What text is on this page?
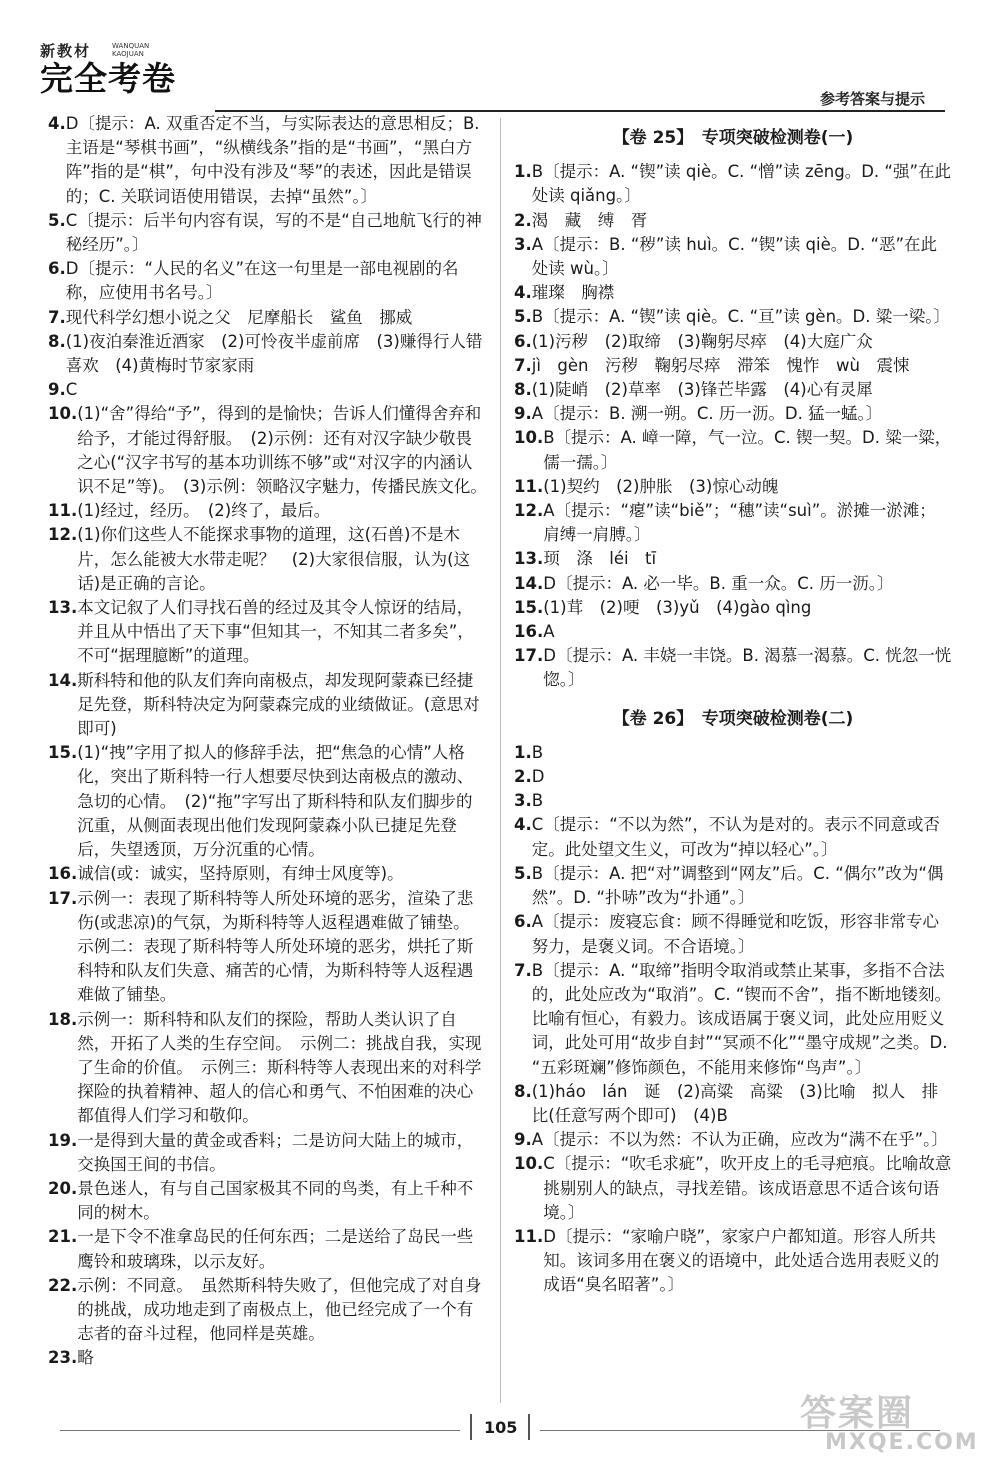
新教材	WANQUAN
KAOJUAN
完全考卷
参考答案与提示
4. D〔提示：A. 双重否定不当，与实际表达的意思相反；B. 主语是“琴棋书画”，“纵横线条”指的是“书画”，“黑白方阵”指的是“棋”，句中没有涉及“琴”的表述，因此是错误的；C. 关联词语使用错误，去掉“虽然”。〕
5. C〔提示：后半句内容有误，写的不是“自己地航飞行的神秘经历”。〕
6. D〔提示：“人民的名义”在这一句里是一部电视剧的名称，应使用书名号。〕
7. 现代科学幻想小说之父　尼摩船长　鲨鱼　挪威
8. (1)夜泊秦淮近酒家　(2)可怜夜半虚前席　(3)赚得行人错喜欢　(4)黄梅时节家家雨
9. C
10. (1)“舍”得给“予”，得到的是愉快；告诉人们懂得舍弃和给予，才能过得舒服。　(2)示例：还有对汉字缺少敬畏之心(“汉字书写的基本功训练不够”或“对汉字的内涵认识不足”等)。　(3)示例：领略汉字魅力，传播民族文化。
11. (1)经过，经历。　(2)终了，最后。
12. (1)你们这些人不能探求事物的道理，这(石兽)不是木片，怎么能被大水带走呢？　(2)大家很信服，认为(这话)是正确的言论。
13. 本文记叙了人们寻找石兽的经过及其令人惊讶的结局，并且从中悟出了天下事“但知其一，不知其二者多矣”，不可“据理臆断”的道理。
14. 斯科特和他的队友们奔向南极点，却发现阿蒙森已经捷足先登，斯科特决定为阿蒙森完成的业绩做证。(意思对即可)
15. (1)“拽”字用了拟人的修辞手法，把“焦急的心情”人格化，突出了斯科特一行人想要尽快到达南极点的激动、急切的心情。　(2)“拖”字写出了斯科特和队友们脚步的沉重，从侧面表现出他们发现阿蒙森小队已捷足先登后，失望透顶，万分沉重的心情。
16. 诚信(或：诚实，坚持原则，有绅士风度等)。
17. 示例一：表现了斯科特等人所处环境的恶劣，渲染了悲伤(或悲凉)的气氛，为斯科特等人返程遇难做了铺垫。　示例二：表现了斯科特等人所处环境的恶劣，烘托了斯科特和队友们失意、痛苦的心情，为斯科特等人返程遇难做了铺垫。
18. 示例一：斯科特和队友们的探险，帮助人类认识了自然，开拓了人类的生存空间。　示例二：挑战自我，实现了生命的价值。　示例三：斯科特等人表现出来的对科学探险的执着精神、超人的信心和勇气、不怕困难的决心都值得人们学习和敬仰。
19. 一是得到大量的黄金或香料；二是访问大陆上的城市，交换国王间的书信。
20. 景色迷人，有与自己国家极其不同的鸟类，有上千种不同的树木。
21. 一是下令不准拿岛民的任何东西；二是送给了岛民一些鹰铃和玻璃珠，以示友好。
22. 示例：不同意。　虽然斯科特失败了，但他完成了对自身的挑战，成功地走到了南极点上，他已经完成了一个有志者的奋斗过程，他同样是英雄。
23. 略
【卷 25】　专项突破检测卷(一)
1. B〔提示：A. “锲”读 qiè。C. “憎”读 zēng。D. “强”在此处读 qiǎng。〕
2. 渴　藏　缚　胥
3. A〔提示：B. “秽”读 huì。C. “锲”读 qiè。D. “恶”在此处读 wù。〕
4. 璀璨　胸襟
5. B〔提示：A. “锲”读 qiè。C. “亘”读 gèn。D. 粱一梁。〕
6. (1)污秽　(2)取缔　(3)鞠躬尽瘁　(4)大庭广众
7. jì　gèn　污秽　鞠躬尽瘁　滞笨　愧怍　wù　震悚
8. (1)陡峭　(2)草率　(3)锋芒毕露　(4)心有灵犀
9. A〔提示：B. 溯一朔。C. 历一沥。D. 猛一蜢。〕
10. B〔提示：A. 嶂一障，气一泣。C. 锲一契。D. 粱一粱，儒一孺。〕
11. (1)契约　(2)肿胀　(3)惊心动魄
12. A〔提示：“瘪”读“biě”；“穗”读“suì”。淤摊一淤滩；肩缚一肩膊。〕
13. 顼　涤　léi　tī
14. D〔提示：A. 必一毕。B. 重一众。C. 历一沥。〕
15. (1)茸　(2)哽　(3)yǔ　(4)gào qìng
16. A
17. D〔提示：A. 丰娆一丰饶。B. 渴慕一渴慕。C. 恍忽一恍惚。〕
【卷 26】　专项突破检测卷(二)
1. B
2. D
3. B
4. C〔提示：“不以为然”，不认为是对的。表示不同意或否定。此处望文生义，可改为“掉以轻心”。〕
5. B〔提示：A. 把“对”调整到“网友”后。C. “偶尔”改为“偶然”。D. “扑哧”改为“扑通”。〕
6. A〔提示：废寝忘食：顾不得睡觉和吃饭，形容非常专心努力，是褒义词。不合语境。〕
7. B〔提示：A. “取缔”指明令取消或禁止某事，多指不合法的，此处应改为“取消”。C. “锲而不舍”，指不断地镂刻。比喻有恒心，有毅力。该成语属于褒义词，此处应用贬义词，此处可用“故步自封”“冥顽不化”“墨守成规”之类。D. “五彩斑斓”修饰颜色，不能用来修饰“鸟声”。〕
8. (1)háo　lán　诞　(2)高粱　高粱　(3)比喻　拟人　排比(任意写两个即可)　(4)B
9. A〔提示：不以为然：不认为正确，应改为“满不在乎”。〕
10. C〔提示：“吹毛求疵”，吹开皮上的毛寻疤痕。比喻故意挑剔别人的缺点，寻找差错。该成语意思不适合该句语境。〕
11. D〔提示：“家喻户晓”，家家户户都知道。形容人所共知。该词多用在褒义的语境中，此处适合选用表贬义的成语“臭名昭著”。〕
105	答案圈
MXQE.COM
